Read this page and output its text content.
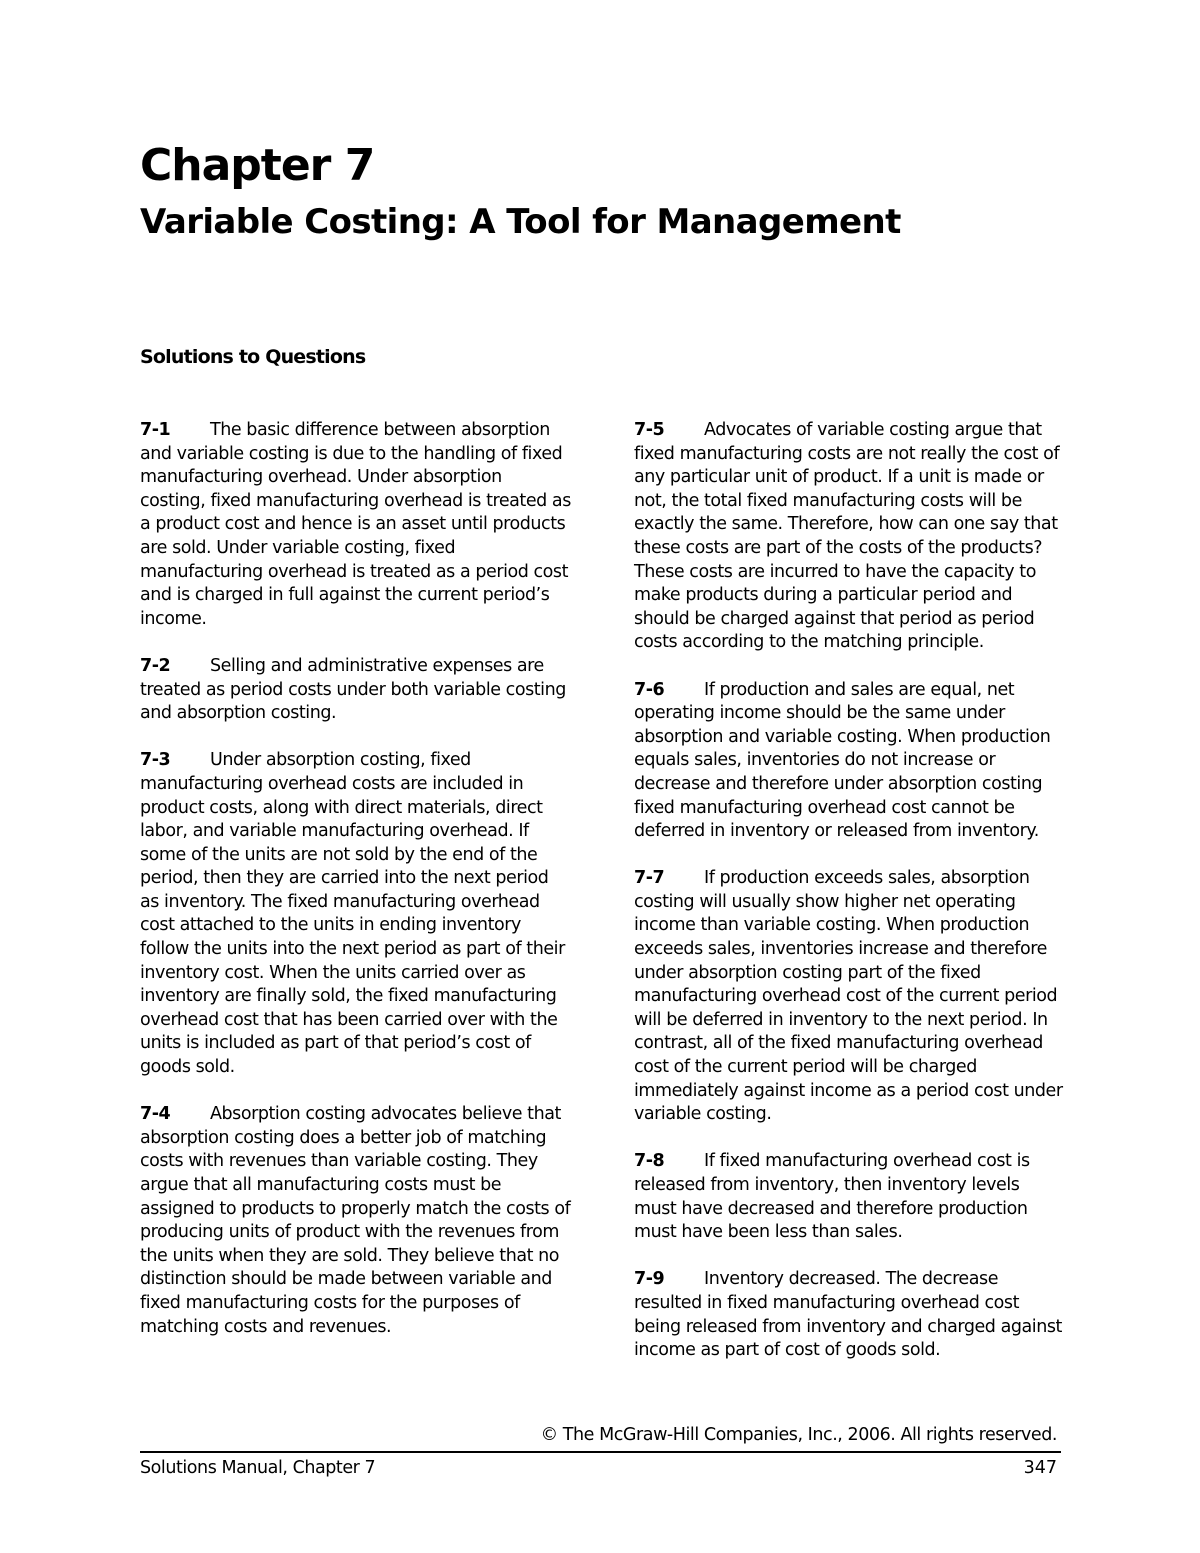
Chapter 7
Variable Costing: A Tool for Management
Solutions to Questions

7-1 The basic difference between absorption and variable costing is due to the handling of fixed manufacturing overhead. Under absorption costing, fixed manufacturing overhead is treated as a product cost and hence is an asset until products are sold. Under variable costing, fixed manufacturing overhead is treated as a period cost and is charged in full against the current period’s income.

7-2 Selling and administrative expenses are treated as period costs under both variable costing and absorption costing.

7-3 Under absorption costing, fixed manufacturing overhead costs are included in product costs, along with direct materials, direct labor, and variable manufacturing overhead. If some of the units are not sold by the end of the period, then they are carried into the next period as inventory. The fixed manufacturing overhead cost attached to the units in ending inventory follow the units into the next period as part of their inventory cost. When the units carried over as inventory are finally sold, the fixed manufacturing overhead cost that has been carried over with the units is included as part of that period’s cost of goods sold.

7-4 Absorption costing advocates believe that absorption costing does a better job of matching costs with revenues than variable costing. They argue that all manufacturing costs must be assigned to products to properly match the costs of producing units of product with the revenues from the units when they are sold. They believe that no distinction should be made between variable and fixed manufacturing costs for the purposes of matching costs and revenues.

7-5 Advocates of variable costing argue that fixed manufacturing costs are not really the cost of any particular unit of product. If a unit is made or not, the total fixed manufacturing costs will be exactly the same. Therefore, how can one say that these costs are part of the costs of the products? These costs are incurred to have the capacity to make products during a particular period and should be charged against that period as period costs according to the matching principle.

7-6 If production and sales are equal, net operating income should be the same under absorption and variable costing. When production equals sales, inventories do not increase or decrease and therefore under absorption costing fixed manufacturing overhead cost cannot be deferred in inventory or released from inventory.

7-7 If production exceeds sales, absorption costing will usually show higher net operating income than variable costing. When production exceeds sales, inventories increase and therefore under absorption costing part of the fixed manufacturing overhead cost of the current period will be deferred in inventory to the next period. In contrast, all of the fixed manufacturing overhead cost of the current period will be charged immediately against income as a period cost under variable costing.

7-8 If fixed manufacturing overhead cost is released from inventory, then inventory levels must have decreased and therefore production must have been less than sales.

7-9 Inventory decreased. The decrease resulted in fixed manufacturing overhead cost being released from inventory and charged against income as part of cost of goods sold.

© The McGraw-Hill Companies, Inc., 2006. All rights reserved.
Solutions Manual, Chapter 7	347
